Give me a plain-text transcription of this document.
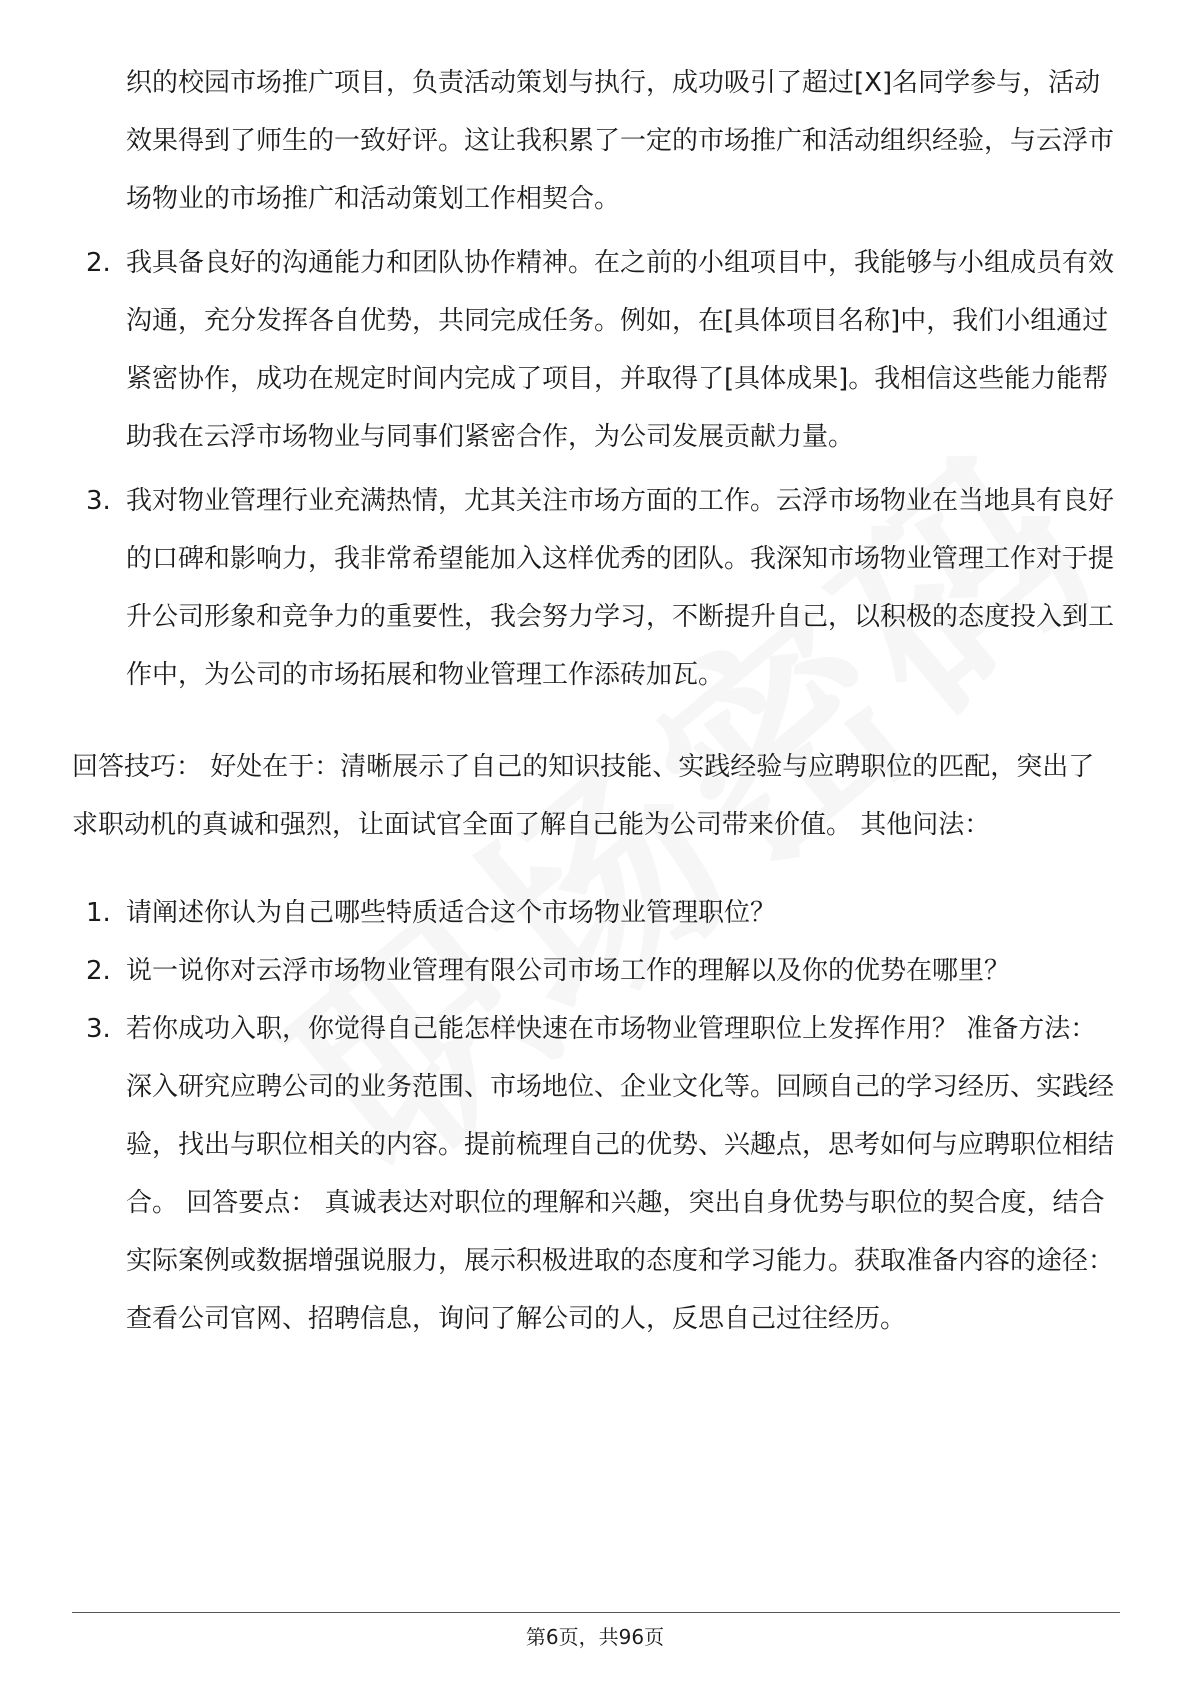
织的校园市场推广项目，负责活动策划与执行，成功吸引了超过[X]名同学参与，活动效果得到了师生的一致好评。这让我积累了一定的市场推广和活动组织经验，与云浮市场物业的市场推广和活动策划工作相契合。

2. 我具备良好的沟通能力和团队协作精神。在之前的小组项目中，我能够与小组成员有效沟通，充分发挥各自优势，共同完成任务。例如，在[具体项目名称]中，我们小组通过紧密协作，成功在规定时间内完成了项目，并取得了[具体成果]。我相信这些能力能帮助我在云浮市场物业与同事们紧密合作，为公司发展贡献力量。
3. 我对物业管理行业充满热情，尤其关注市场方面的工作。云浮市场物业在当地具有良好的口碑和影响力，我非常希望能加入这样优秀的团队。我深知市场物业管理工作对于提升公司形象和竞争力的重要性，我会努力学习，不断提升自己，以积极的态度投入到工作中，为公司的市场拓展和物业管理工作添砖加瓦。

回答技巧： 好处在于：清晰展示了自己的知识技能、实践经验与应聘职位的匹配，突出了求职动机的真诚和强烈，让面试官全面了解自己能为公司带来价值。 其他问法：

1. 请阐述你认为自己哪些特质适合这个市场物业管理职位？
2. 说一说你对云浮市场物业管理有限公司市场工作的理解以及你的优势在哪里？
3. 若你成功入职，你觉得自己能怎样快速在市场物业管理职位上发挥作用？ 准备方法： 深入研究应聘公司的业务范围、市场地位、企业文化等。回顾自己的学习经历、实践经验，找出与职位相关的内容。提前梳理自己的优势、兴趣点，思考如何与应聘职位相结合。 回答要点： 真诚表达对职位的理解和兴趣，突出自身优势与职位的契合度，结合实际案例或数据增强说服力，展示积极进取的态度和学习能力。获取准备内容的途径：查看公司官网、招聘信息，询问了解公司的人，反思自己过往经历。
第6页，共96页
